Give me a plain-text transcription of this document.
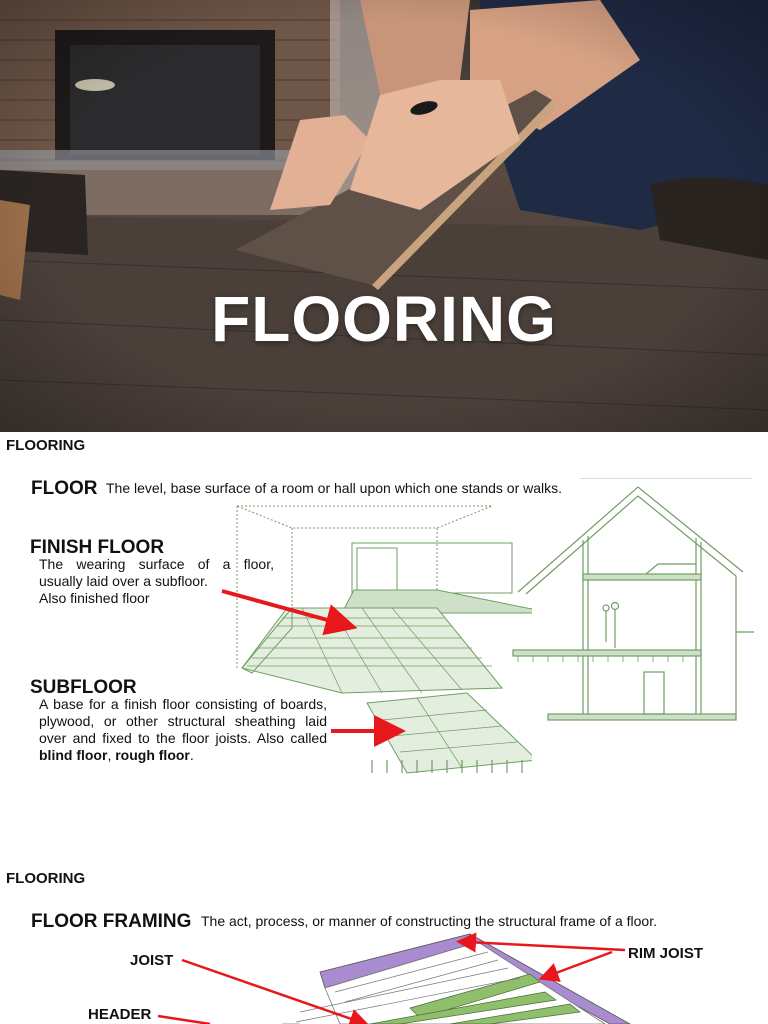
FLOORING
FLOORING
FLOOR The level, base surface of a room or hall upon which one stands or walks.
FINISH FLOOR
The wearing surface of a floor,
usually laid over a subfloor.
Also finished floor
SUBFLOOR
A base for a finish floor consisting of boards,
plywood, or other structural sheathing laid
over and fixed to the floor joists. Also called
blind floor, rough floor.
FLOORING
FLOOR FRAMING The act, process, or manner of constructing the structural frame of a floor.
JOIST	RIM JOIST
HEADER
